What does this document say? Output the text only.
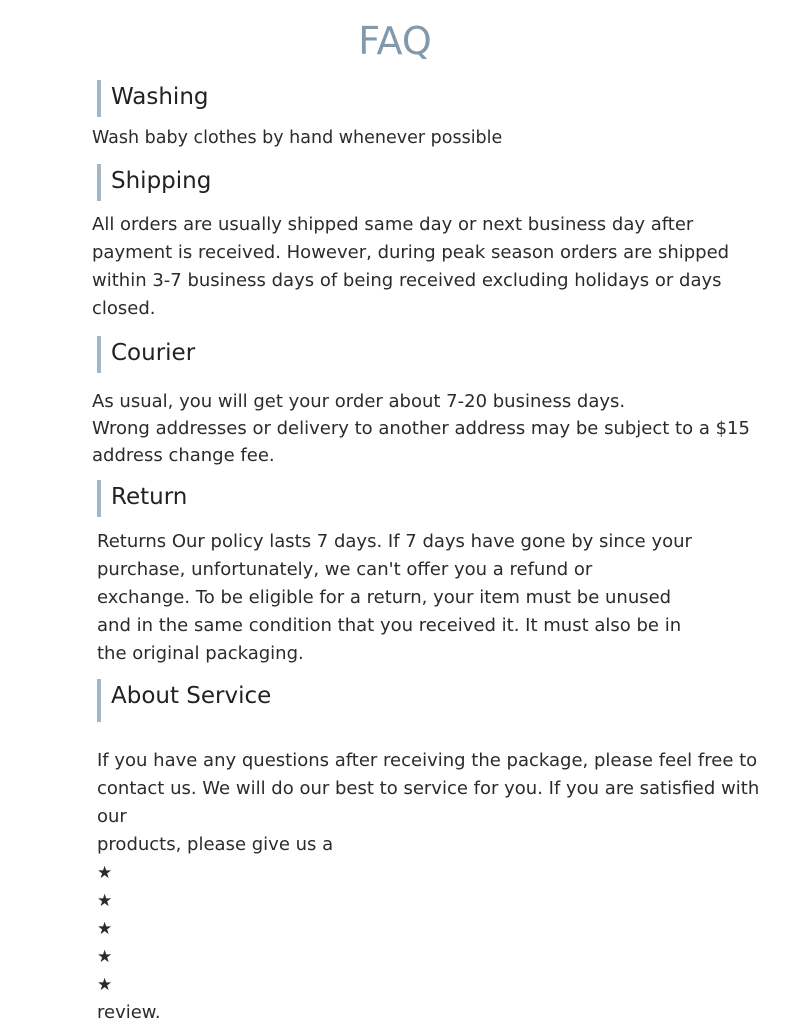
FAQ
Washing
Wash baby clothes by hand whenever possible
Shipping
All orders are usually shipped same day or next business day after
payment is received. However, during peak season orders are shipped
within 3-7 business days of being received excluding holidays or days
closed.
Courier
As usual, you will get your order about 7-20 business days.
Wrong addresses or delivery to another address may be subject to a $15
address change fee.
Return
Returns Our policy lasts 7 days. If 7 days have gone by since your
purchase, unfortunately, we can't offer you a refund or
exchange. To be eligible for a return, your item must be unused
and in the same condition that you received it. It must also be in
the original packaging.
About Service
If you have any questions after receiving the package, please feel free to
contact us. We will do our best to service for you. If you are satisfied with our
products, please give us a
★
★
★
★
★
review.
